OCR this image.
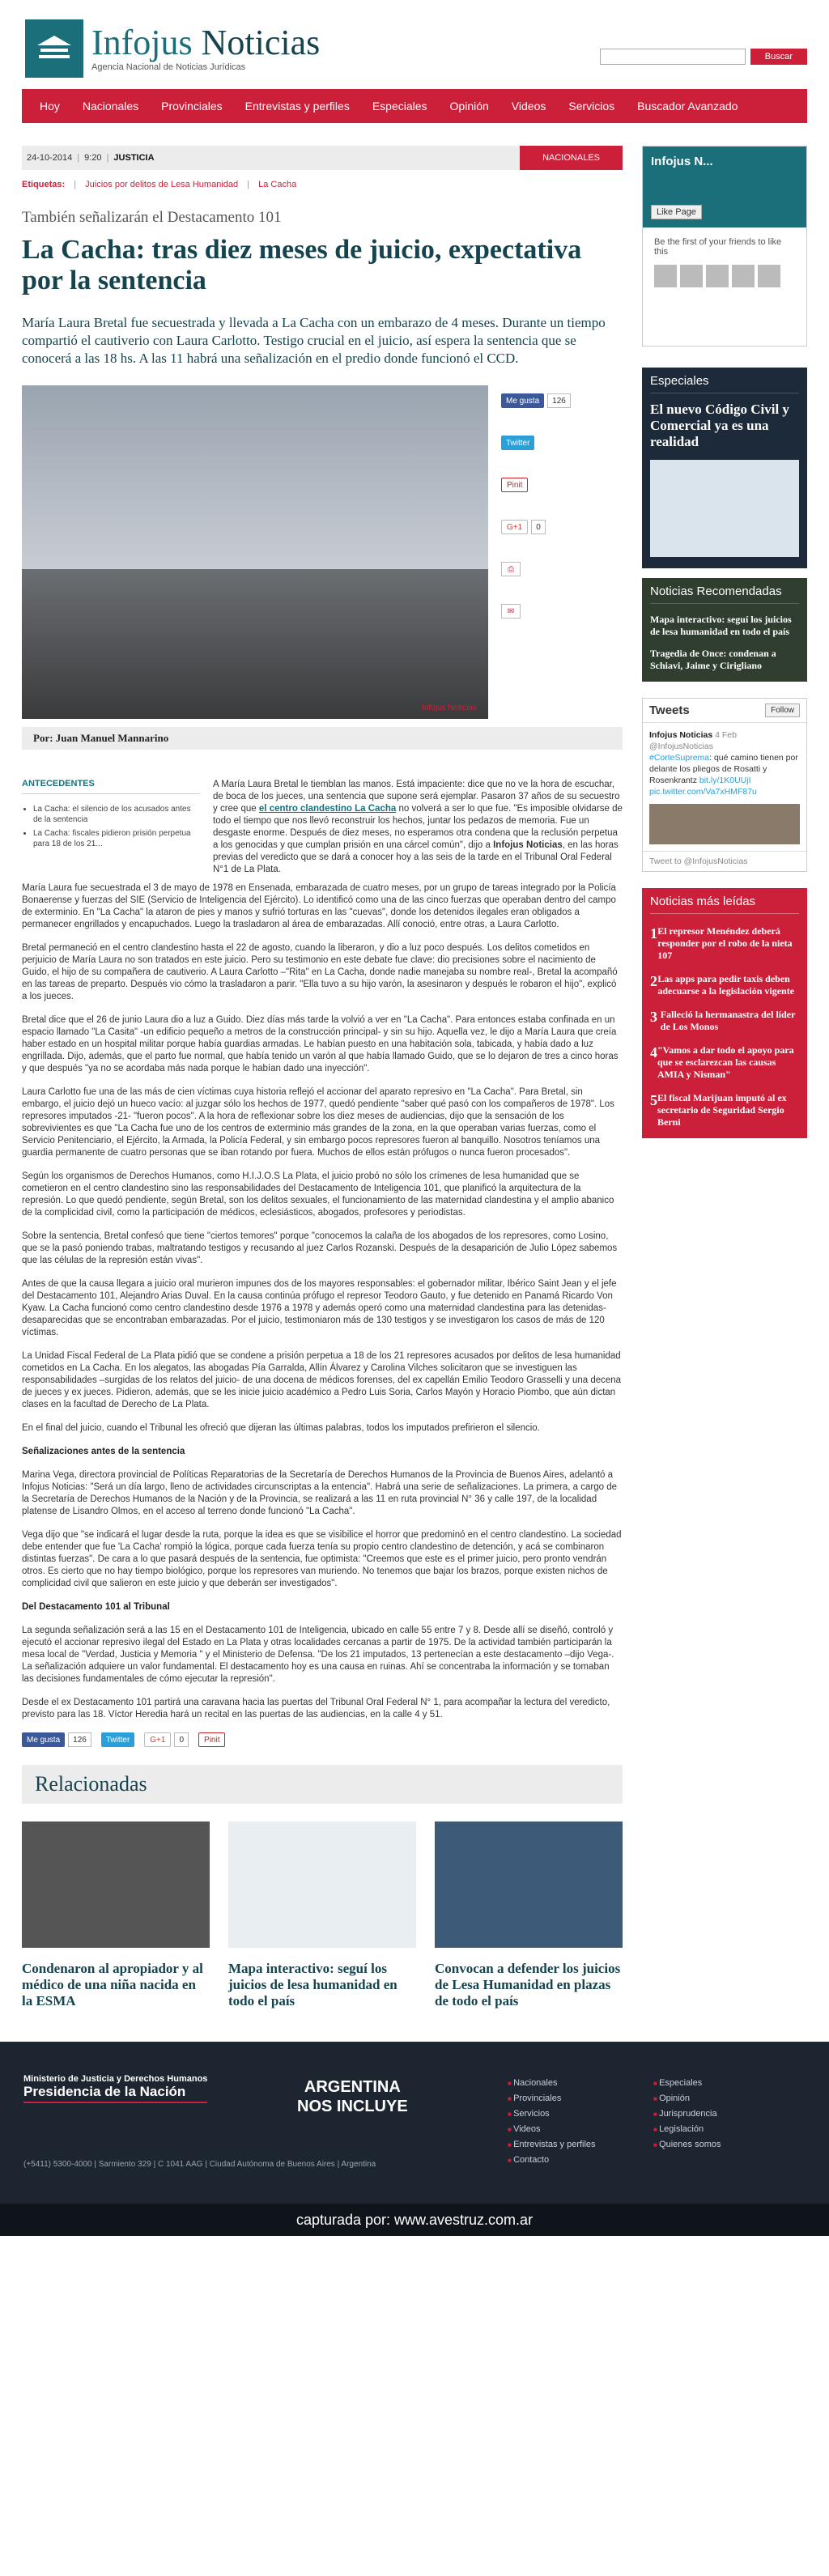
Infojus Noticias
Agencia Nacional de Noticias Jurídicas
Buscar
Hoy	Nacionales	Provinciales	Entrevistas y perfiles	Especiales	Opinión	Videos	Servicios	Buscador Avanzado
24-10-2014 | 9:20 | JUSTICIA	NACIONALES
Etiquetas: | Juicios por delitos de Lesa Humanidad | La Cacha
También señalizarán el Destacamento 101
La Cacha: tras diez meses de juicio, expectativa por la sentencia
María Laura Bretal fue secuestrada y llevada a La Cacha con un embarazo de 4 meses. Durante un tiempo compartió el cautiverio con Laura Carlotto. Testigo crucial en el juicio, así espera la sentencia que se conocerá a las 18 hs. A las 11 habrá una señalización en el predio donde funcionó el CCD.
Infojus Noticias
Me gusta	126
Twitter
Pinit
G+1	0
⎙
✉
Por: Juan Manuel Mannarino
ANTECEDENTES
• La Cacha: el silencio de los acusados antes de la sentencia
• La Cacha: fiscales pidieron prisión perpetua para 18 de los 21...
A María Laura Bretal le tiemblan las manos. Está impaciente: dice que no ve la hora de escuchar, de boca de los jueces, una sentencia que supone será ejemplar. Pasaron 37 años de su secuestro y cree que el centro clandestino La Cacha no volverá a ser lo que fue. "Es imposible olvidarse de todo el tiempo que nos llevó reconstruir los hechos, juntar los pedazos de memoria. Fue un desgaste enorme. Después de diez meses, no esperamos otra condena que la reclusión perpetua a los genocidas y que cumplan prisión en una cárcel común", dijo a Infojus Noticias, en las horas previas del veredicto que se dará a conocer hoy a las seis de la tarde en el Tribunal Oral Federal N°1 de La Plata.

María Laura fue secuestrada el 3 de mayo de 1978 en Ensenada, embarazada de cuatro meses, por un grupo de tareas integrado por la Policía Bonaerense y fuerzas del SIE (Servicio de Inteligencia del Ejército). Lo identificó como una de las cinco fuerzas que operaban dentro del campo de exterminio. En "La Cacha" la ataron de pies y manos y sufrió torturas en las "cuevas", donde los detenidos ilegales eran obligados a permanecer engrillados y encapuchados. Luego la trasladaron al área de embarazadas. Allí conoció, entre otras, a Laura Carlotto.

Bretal permaneció en el centro clandestino hasta el 22 de agosto, cuando la liberaron, y dio a luz poco después. Los delitos cometidos en perjuicio de María Laura no son tratados en este juicio. Pero su testimonio en este debate fue clave: dio precisiones sobre el nacimiento de Guido, el hijo de su compañera de cautiverio. A Laura Carlotto –"Rita" en La Cacha, donde nadie manejaba su nombre real-, Bretal la acompañó en las tareas de preparto. Después vio cómo la trasladaron a parir. "Ella tuvo a su hijo varón, la asesinaron y después le robaron el hijo", explicó a los jueces.

Bretal dice que el 26 de junio Laura dio a luz a Guido. Diez días más tarde la volvió a ver en "La Cacha". Para entonces estaba confinada en un espacio llamado "La Casita" -un edificio pequeño a metros de la construcción principal- y sin su hijo. Aquella vez, le dijo a María Laura que creía haber estado en un hospital militar porque había guardias armadas. Le habían puesto en una habitación sola, tabicada, y había dado a luz engrillada. Dijo, además, que el parto fue normal, que había tenido un varón al que había llamado Guido, que se lo dejaron de tres a cinco horas y que después "ya no se acordaba más nada porque le habían dado una inyección".

Laura Carlotto fue una de las más de cien víctimas cuya historia reflejó el accionar del aparato represivo en "La Cacha". Para Bretal, sin embargo, el juicio dejó un hueco vacío: al juzgar sólo los hechos de 1977, quedó pendiente "saber qué pasó con los compañeros de 1978". Los represores imputados -21- "fueron pocos". A la hora de reflexionar sobre los diez meses de audiencias, dijo que la sensación de los sobrevivientes es que "La Cacha fue uno de los centros de exterminio más grandes de la zona, en la que operaban varias fuerzas, como el Servicio Penitenciario, el Ejército, la Armada, la Policía Federal, y sin embargo pocos represores fueron al banquillo. Nosotros teníamos una guardia permanente de cuatro personas que se iban rotando por fuera. Muchos de ellos están prófugos o nunca fueron procesados".

Según los organismos de Derechos Humanos, como H.I.J.O.S La Plata, el juicio probó no sólo los crímenes de lesa humanidad que se cometieron en el centro clandestino sino las responsabilidades del Destacamento de Inteligencia 101, que planificó la arquitectura de la represión. Lo que quedó pendiente, según Bretal, son los delitos sexuales, el funcionamiento de las maternidad clandestina y el amplio abanico de la complicidad civil, como la participación de médicos, eclesiásticos, abogados, profesores y periodistas.

Sobre la sentencia, Bretal confesó que tiene "ciertos temores" porque "conocemos la calaña de los abogados de los represores, como Losino, que se la pasó poniendo trabas, maltratando testigos y recusando al juez Carlos Rozanski. Después de la desaparición de Julio López sabemos que las células de la represión están vivas".

Antes de que la causa llegara a juicio oral murieron impunes dos de los mayores responsables: el gobernador militar, Ibérico Saint Jean y el jefe del Destacamento 101, Alejandro Arias Duval. En la causa continúa prófugo el represor Teodoro Gauto, y fue detenido en Panamá Ricardo Von Kyaw. La Cacha funcionó como centro clandestino desde 1976 a 1978 y además operó como una maternidad clandestina para las detenidas-desaparecidas que se encontraban embarazadas. Por el juicio, testimoniaron más de 130 testigos y se investigaron los casos de más de 120 víctimas.

La Unidad Fiscal Federal de La Plata pidió que se condene a prisión perpetua a 18 de los 21 represores acusados por delitos de lesa humanidad cometidos en La Cacha. En los alegatos, las abogadas Pía Garralda, Allín Álvarez y Carolina Vilches solicitaron que se investiguen las responsabilidades –surgidas de los relatos del juicio- de una docena de médicos forenses, del ex capellán Emilio Teodoro Grasselli y una decena de jueces y ex jueces. Pidieron, además, que se les inicie juicio académico a Pedro Luis Soria, Carlos Mayón y Horacio Piombo, que aún dictan clases en la facultad de Derecho de La Plata.

En el final del juicio, cuando el Tribunal les ofreció que dijeran las últimas palabras, todos los imputados prefirieron el silencio.

Señalizaciones antes de la sentencia

Marina Vega, directora provincial de Políticas Reparatorias de la Secretaría de Derechos Humanos de la Provincia de Buenos Aires, adelantó a Infojus Noticias: "Será un día largo, lleno de actividades circunscriptas a la entencia". Habrá una serie de señalizaciones. La primera, a cargo de la Secretaría de Derechos Humanos de la Nación y de la Provincia, se realizará a las 11 en ruta provincial N° 36 y calle 197, de la localidad platense de Lisandro Olmos, en el acceso al terreno donde funcionó "La Cacha".

Vega dijo que "se indicará el lugar desde la ruta, porque la idea es que se visibilice el horror que predominó en el centro clandestino. La sociedad debe entender que fue 'La Cacha' rompió la lógica, porque cada fuerza tenía su propio centro clandestino de detención, y acá se combinaron distintas fuerzas". De cara a lo que pasará después de la sentencia, fue optimista: "Creemos que este es el primer juicio, pero pronto vendrán otros. Es cierto que no hay tiempo biológico, porque los represores van muriendo. No tenemos que bajar los brazos, porque existen nichos de complicidad civil que salieron en este juicio y que deberán ser investigados".

Del Destacamento 101 al Tribunal

La segunda señalización será a las 15 en el Destacamento 101 de Inteligencia, ubicado en calle 55 entre 7 y 8. Desde allí se diseñó, controló y ejecutó el accionar represivo ilegal del Estado en La Plata y otras localidades cercanas a partir de 1975. De la actividad también participarán la mesa local de "Verdad, Justicia y Memoria " y el Ministerio de Defensa. "De los 21 imputados, 13 pertenecían a este destacamento –dijo Vega-. La señalización adquiere un valor fundamental. El destacamento hoy es una causa en ruinas. Ahí se concentraba la información y se tomaban las decisiones fundamentales de cómo ejecutar la represión".

Desde el ex Destacamento 101 partirá una caravana hacia las puertas del Tribunal Oral Federal N° 1, para acompañar la lectura del veredicto, previsto para las 18. Víctor Heredia hará un recital en las puertas de las audiencias, en la calle 4 y 51.

Me gusta	126	Twitter	G+1	0	Pinit
Relacionadas
Condenaron al apropiador y al médico de una niña nacida en la ESMA
Mapa interactivo: seguí los juicios de lesa humanidad en todo el país
Convocan a defender los juicios de Lesa Humanidad en plazas de todo el país
Infojus N...
Like Page
Be the first of your friends to like this
Especiales
El nuevo Código Civil y Comercial ya es una realidad
Noticias Recomendadas
Mapa interactivo: seguí los juicios de lesa humanidad en todo el país
Tragedia de Once: condenan a Schiavi, Jaime y Cirigliano
Tweets	Follow
Infojus Noticias 4 Feb
@InfojusNoticias
#CorteSuprema: qué camino tienen por delante los pliegos de Rosatti y Rosenkrantz bit.ly/1K0UUjI pic.twitter.com/Va7xHMF87u
Tweet to @InfojusNoticias
Noticias más leídas
1 El represor Menéndez deberá responder por el robo de la nieta 107
2 Las apps para pedir taxis deben adecuarse a la legislación vigente
3 Falleció la hermanastra del líder de Los Monos
4 "Vamos a dar todo el apoyo para que se esclarezcan las causas AMIA y Nisman"
5 El fiscal Marijuan imputó al ex secretario de Seguridad Sergio Berni
Ministerio de Justicia y Derechos Humanos
Presidencia de la Nación	ARGENTINA
NOS INCLUYE
(+5411) 5300-4000 | Sarmiento 329 | C 1041 AAG | Ciudad Autónoma de Buenos Aires | Argentina
■ Nacionales
■ Provinciales
■ Servicios
■ Videos
■ Entrevistas y perfiles
■ Contacto
■ Especiales
■ Opinión
■ Jurisprudencia
■ Legislación
■ Quienes somos
capturada por: www.avestruz.com.ar
